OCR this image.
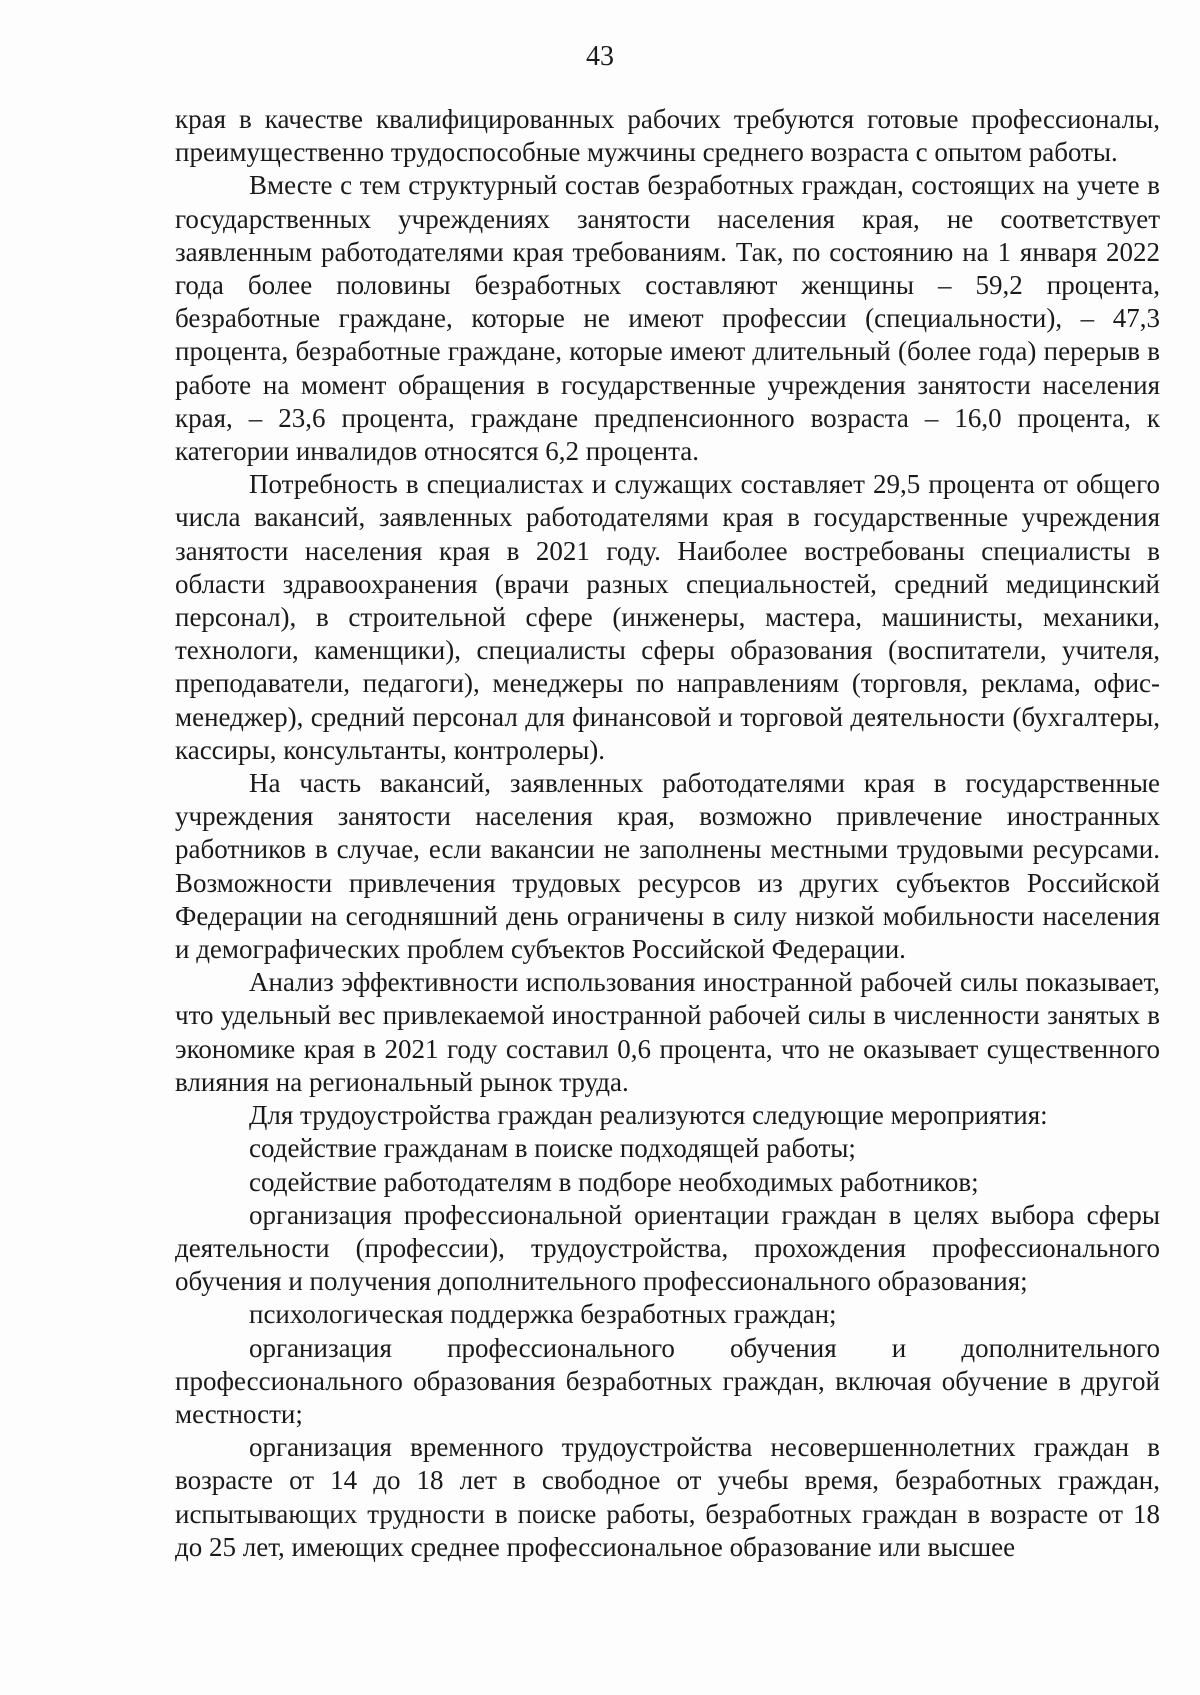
43

края в качестве квалифицированных рабочих требуются готовые профессионалы, преимущественно трудоспособные мужчины среднего возраста с опытом работы.

Вместе с тем структурный состав безработных граждан, состоящих на учете в государственных учреждениях занятости населения края, не соответствует заявленным работодателями края требованиям. Так, по состоянию на 1 января 2022 года более половины безработных составляют женщины – 59,2 процента, безработные граждане, которые не имеют профессии (специальности), – 47,3 процента, безработные граждане, которые имеют длительный (более года) перерыв в работе на момент обращения в государственные учреждения занятости населения края, – 23,6 процента, граждане предпенсионного возраста – 16,0 процента, к категории инвалидов относятся 6,2 процента.

Потребность в специалистах и служащих составляет 29,5 процента от общего числа вакансий, заявленных работодателями края в государственные учреждения занятости населения края в 2021 году. Наиболее востребованы специалисты в области здравоохранения (врачи разных специальностей, средний медицинский персонал), в строительной сфере (инженеры, мастера, машинисты, механики, технологи, каменщики), специалисты сферы образования (воспитатели, учителя, преподаватели, педагоги), менеджеры по направлениям (торговля, реклама, офис-менеджер), средний персонал для финансовой и торговой деятельности (бухгалтеры, кассиры, консультанты, контролеры).

На часть вакансий, заявленных работодателями края в государственные учреждения занятости населения края, возможно привлечение иностранных работников в случае, если вакансии не заполнены местными трудовыми ресурсами. Возможности привлечения трудовых ресурсов из других субъектов Российской Федерации на сегодняшний день ограничены в силу низкой мобильности населения и демографических проблем субъектов Российской Федерации.

Анализ эффективности использования иностранной рабочей силы показывает, что удельный вес привлекаемой иностранной рабочей силы в численности занятых в экономике края в 2021 году составил 0,6 процента, что не оказывает существенного влияния на региональный рынок труда.

Для трудоустройства граждан реализуются следующие мероприятия:

содействие гражданам в поиске подходящей работы;

содействие работодателям в подборе необходимых работников;

организация профессиональной ориентации граждан в целях выбора сферы деятельности (профессии), трудоустройства, прохождения профессионального обучения и получения дополнительного профессионального образования;

психологическая поддержка безработных граждан;

организация профессионального обучения и дополнительного профессионального образования безработных граждан, включая обучение в другой местности;

организация временного трудоустройства несовершеннолетних граждан в возрасте от 14 до 18 лет в свободное от учебы время, безработных граждан, испытывающих трудности в поиске работы, безработных граждан в возрасте от 18 до 25 лет, имеющих среднее профессиональное образование или высшее
